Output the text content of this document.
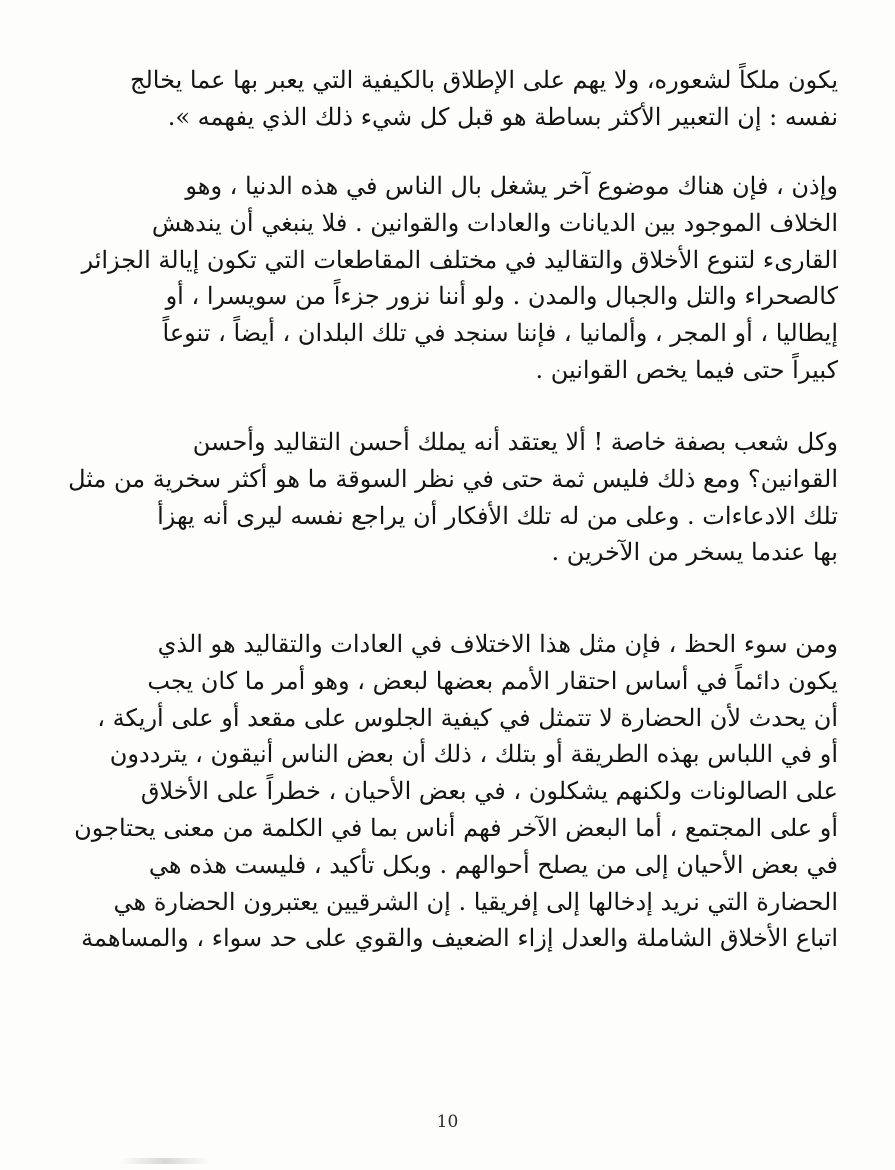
يكون ملكاً لشعوره، ولا يهم على الإطلاق بالكيفية التي يعبر بها عما يخالج
نفسه : إن التعبير الأكثر بساطة هو قبل كل شيء ذلك الذي يفهمه ».
وإذن ، فإن هناك موضوع آخر يشغل بال الناس في هذه الدنيا ، وهو
الخلاف الموجود بين الديانات والعادات والقوانين . فلا ينبغي أن يندهش
القارىء لتنوع الأخلاق والتقاليد في مختلف المقاطعات التي تكون إيالة الجزائر
كالصحراء والتل والجبال والمدن . ولو أننا نزور جزءاً من سويسرا ، أو
إيطاليا ، أو المجر ، وألمانيا ، فإننا سنجد في تلك البلدان ، أيضاً ، تنوعاً
كبيراً حتى فيما يخص القوانين .
وكل شعب بصفة خاصة ! ألا يعتقد أنه يملك أحسن التقاليد وأحسن
القوانين؟ ومع ذلك فليس ثمة حتى في نظر السوقة ما هو أكثر سخرية من مثل
تلك الادعاءات . وعلى من له تلك الأفكار أن يراجع نفسه ليرى أنه يهزأ
بها عندما يسخر من الآخرين .
ومن سوء الحظ ، فإن مثل هذا الاختلاف في العادات والتقاليد هو الذي
يكون دائماً في أساس احتقار الأمم بعضها لبعض ، وهو أمر ما كان يجب
أن يحدث لأن الحضارة لا تتمثل في كيفية الجلوس على مقعد أو على أريكة ،
أو في اللباس بهذه الطريقة أو بتلك ، ذلك أن بعض الناس أنيقون ، يترددون
على الصالونات ولكنهم يشكلون ، في بعض الأحيان ، خطراً على الأخلاق
أو على المجتمع ، أما البعض الآخر فهم أناس بما في الكلمة من معنى يحتاجون
في بعض الأحيان إلى من يصلح أحوالهم . وبكل تأكيد ، فليست هذه هي
الحضارة التي نريد إدخالها إلى إفريقيا . إن الشرقيين يعتبرون الحضارة هي
اتباع الأخلاق الشاملة والعدل إزاء الضعيف والقوي على حد سواء ، والمساهمة
10
